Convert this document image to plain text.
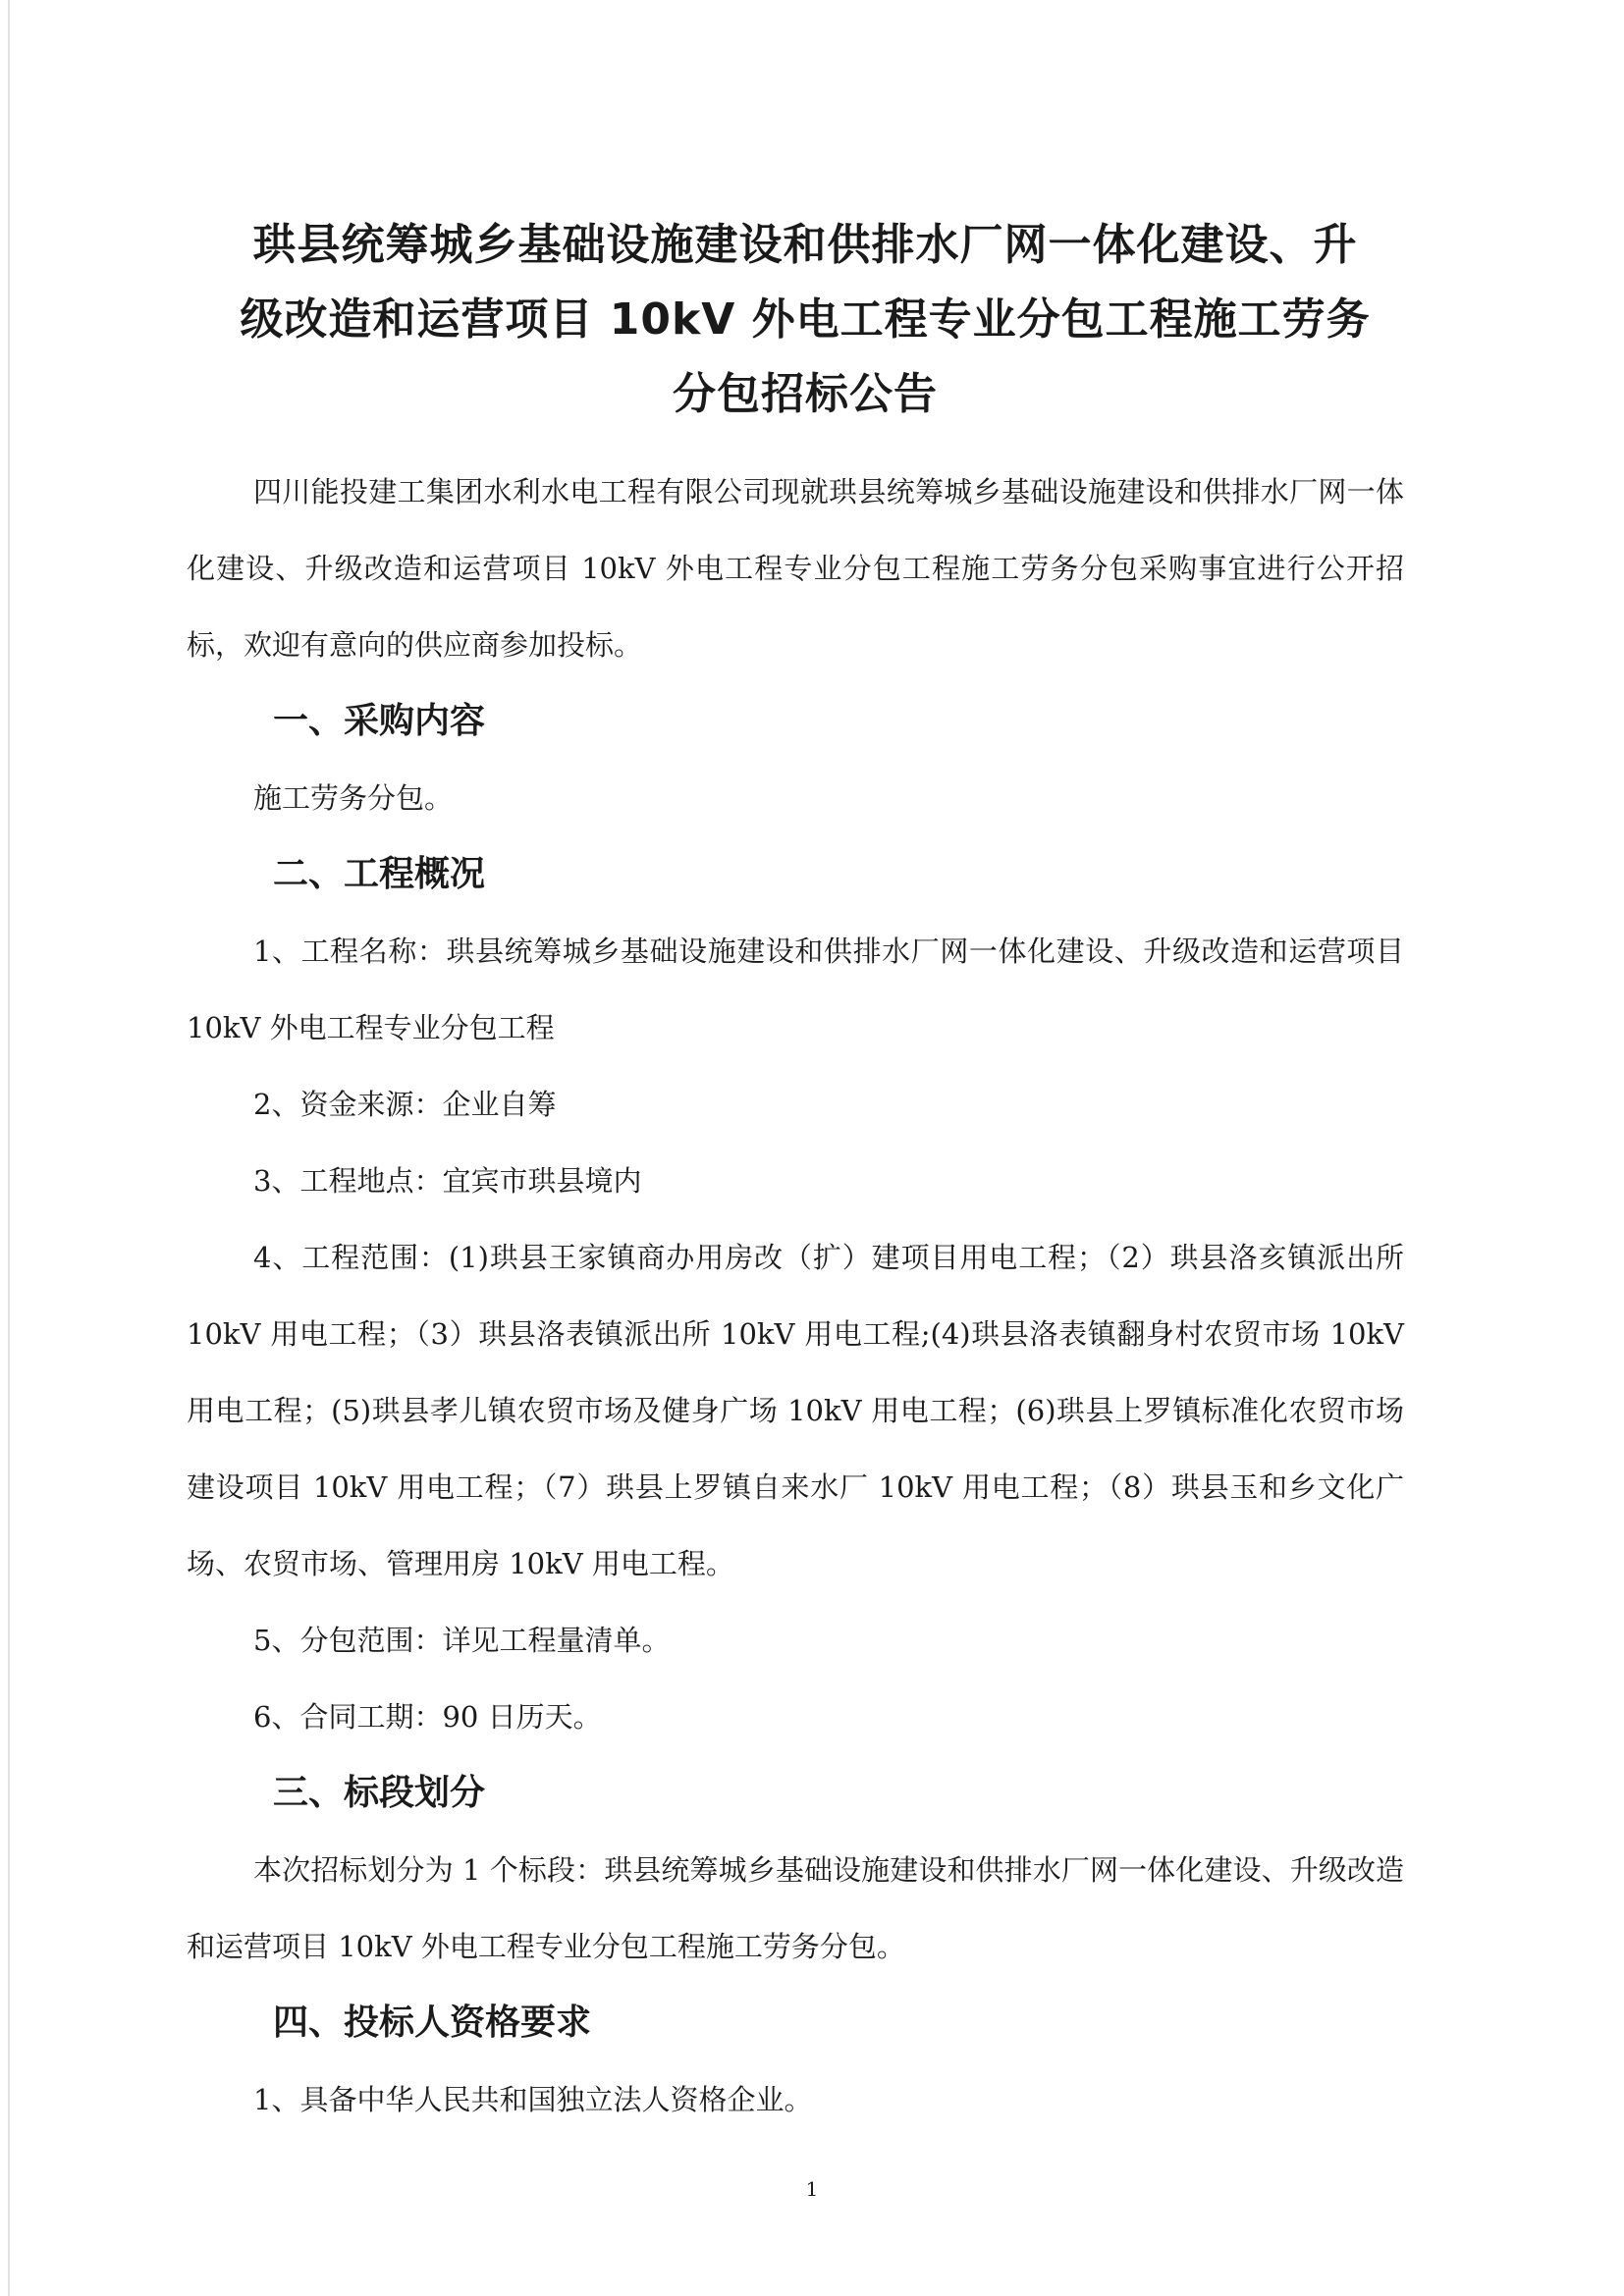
珙县统筹城乡基础设施建设和供排水厂网一体化建设、升
级改造和运营项目 10kV 外电工程专业分包工程施工劳务
分包招标公告

四川能投建工集团水利水电工程有限公司现就珙县统筹城乡基础设施建设和供排水厂网一体化建设、升级改造和运营项目 10kV 外电工程专业分包工程施工劳务分包采购事宜进行公开招标，欢迎有意向的供应商参加投标。

一、采购内容

施工劳务分包。

二、工程概况

1、工程名称：珙县统筹城乡基础设施建设和供排水厂网一体化建设、升级改造和运营项目 10kV 外电工程专业分包工程

2、资金来源：企业自筹

3、工程地点：宜宾市珙县境内

4、工程范围：(1)珙县王家镇商办用房改（扩）建项目用电工程；（2）珙县洛亥镇派出所 10kV 用电工程；（3）珙县洛表镇派出所 10kV 用电工程;(4)珙县洛表镇翻身村农贸市场 10kV 用电工程；(5)珙县孝儿镇农贸市场及健身广场 10kV 用电工程；(6)珙县上罗镇标准化农贸市场建设项目 10kV 用电工程；（7）珙县上罗镇自来水厂 10kV 用电工程；（8）珙县玉和乡文化广场、农贸市场、管理用房 10kV 用电工程。

5、分包范围：详见工程量清单。

6、合同工期：90 日历天。

三、标段划分

本次招标划分为 1 个标段：珙县统筹城乡基础设施建设和供排水厂网一体化建设、升级改造和运营项目 10kV 外电工程专业分包工程施工劳务分包。

四、投标人资格要求

1、具备中华人民共和国独立法人资格企业。

1
